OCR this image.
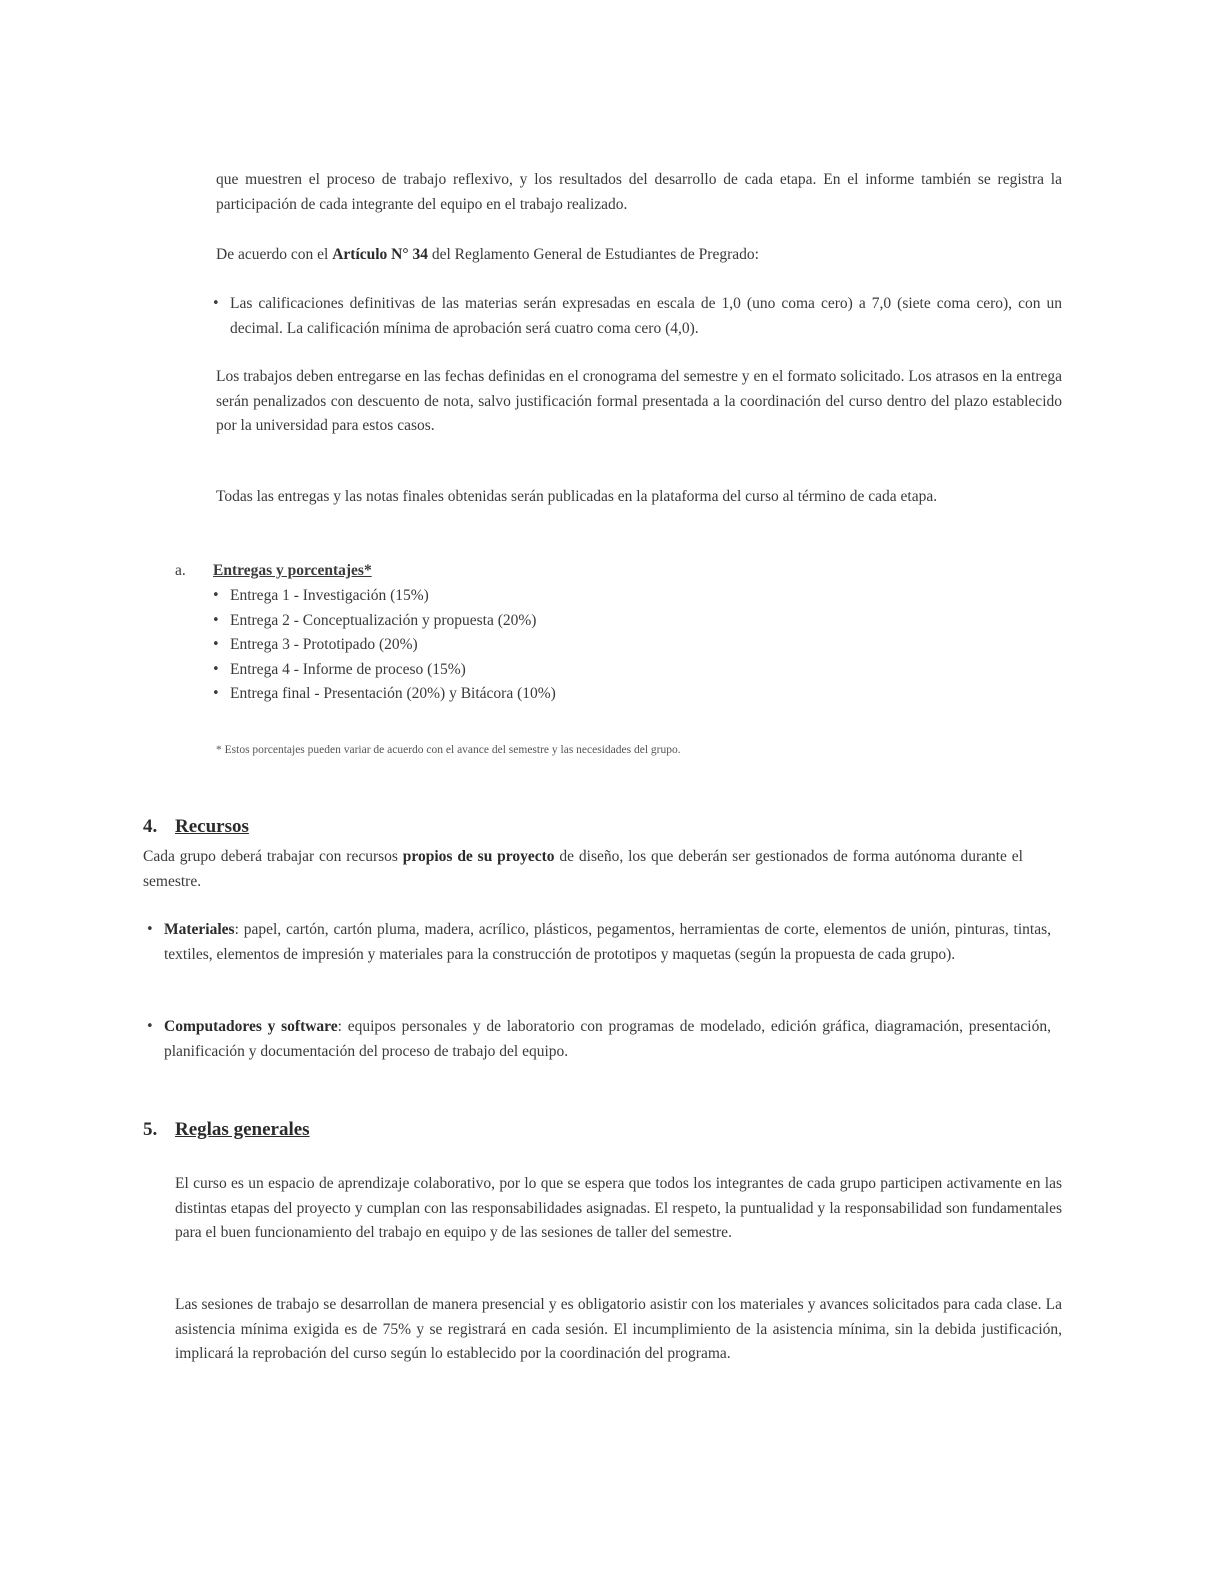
que muestren el proceso de trabajo reflexivo, y los resultados del desarrollo de cada etapa. En el informe también se registra la participación de cada integrante del equipo en el trabajo realizado.

De acuerdo con el Artículo N° 34 del Reglamento General de Estudiantes de Pregrado:

• Las calificaciones definitivas de las materias serán expresadas en escala de 1,0 (uno coma cero) a 7,0 (siete coma cero), con un decimal. La calificación mínima de aprobación será cuatro coma cero (4,0).

Los trabajos deben entregarse en las fechas definidas en el cronograma del semestre y en el formato solicitado. Los atrasos en la entrega serán penalizados con descuento de nota, salvo justificación formal presentada a la coordinación del curso dentro del plazo establecido por la universidad para estos casos.

Todas las entregas y las notas finales obtenidas serán publicadas en la plataforma del curso al término de cada etapa.

a. Entregas y porcentajes*
• Entrega 1 - Investigación (15%)
• Entrega 2 - Conceptualización y propuesta (20%)
• Entrega 3 - Prototipado (20%)
• Entrega 4 - Informe de proceso (15%)
• Entrega final - Presentación (20%) y Bitácora (10%)

* Estos porcentajes pueden variar de acuerdo con el avance del semestre y las necesidades del grupo.

4. Recursos

Cada grupo deberá trabajar con recursos propios de su proyecto de diseño, los que deberán ser gestionados de forma autónoma durante el semestre.

• Materiales: papel, cartón, cartón pluma, madera, acrílico, plásticos, pegamentos, herramientas de corte, elementos de unión, pinturas, tintas, textiles, elementos de impresión y materiales para la construcción de prototipos y maquetas (según la propuesta de cada grupo).
• Computadores y software: equipos personales y de laboratorio con programas de modelado, edición gráfica, diagramación, presentación, planificación y documentación del proceso de trabajo del equipo.
5. Reglas generales

El curso es un espacio de aprendizaje colaborativo, por lo que se espera que todos los integrantes de cada grupo participen activamente en las distintas etapas del proyecto y cumplan con las responsabilidades asignadas. El respeto, la puntualidad y la responsabilidad son fundamentales para el buen funcionamiento del trabajo en equipo y de las sesiones de taller del semestre.

Las sesiones de trabajo se desarrollan de manera presencial y es obligatorio asistir con los materiales y avances solicitados para cada clase. La asistencia mínima exigida es de 75% y se registrará en cada sesión. El incumplimiento de la asistencia mínima, sin la debida justificación, implicará la reprobación del curso según lo establecido por la coordinación del programa.
